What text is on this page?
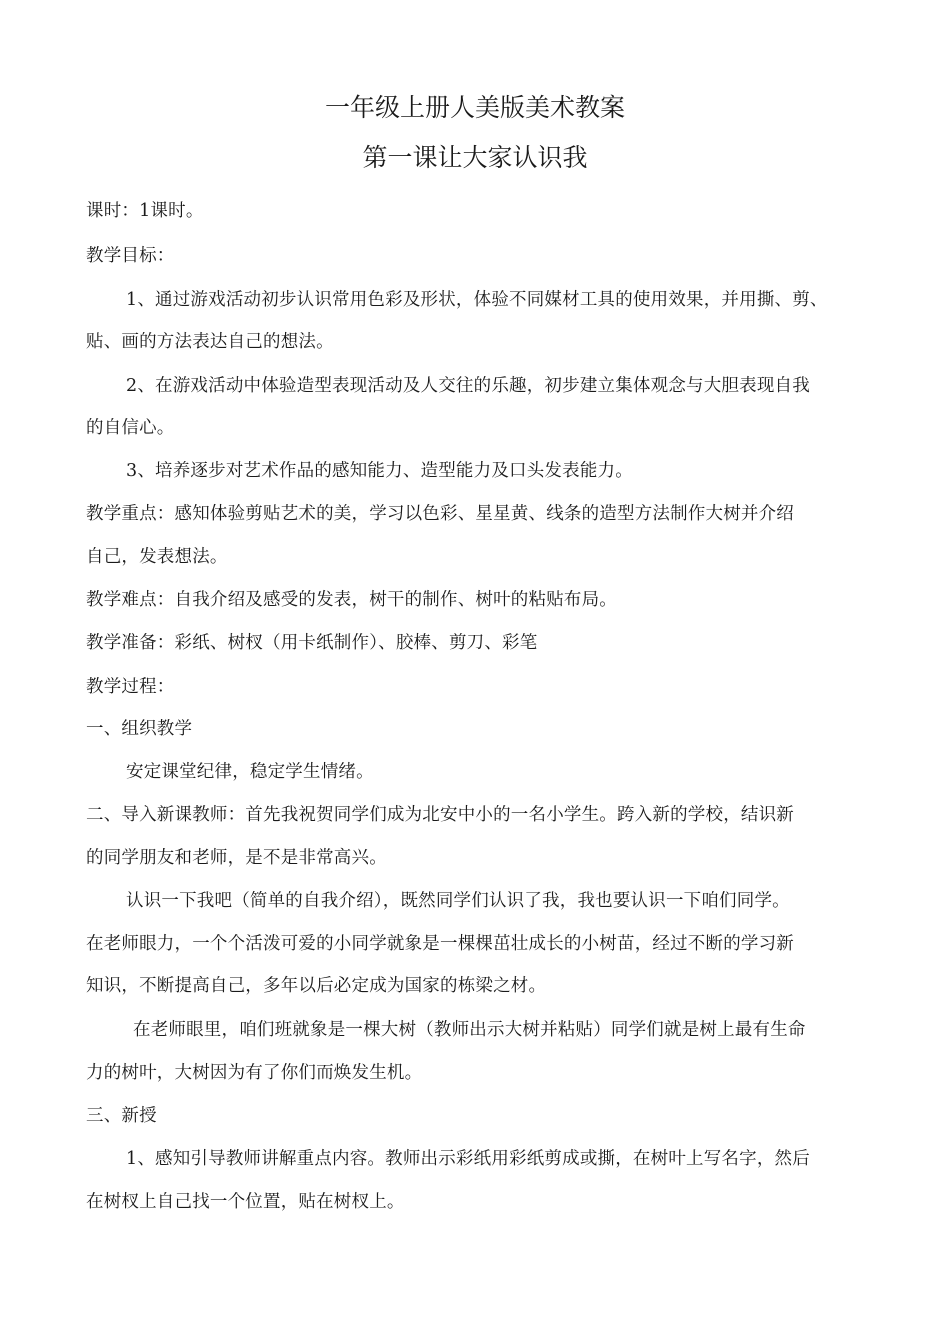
一年级上册人美版美术教案
第一课让大家认识我
课时：1课时。
教学目标：
1、通过游戏活动初步认识常用色彩及形状，体验不同媒材工具的使用效果，并用撕、剪、
贴、画的方法表达自己的想法。
2、在游戏活动中体验造型表现活动及人交往的乐趣，初步建立集体观念与大胆表现自我
的自信心。
3、培养逐步对艺术作品的感知能力、造型能力及口头发表能力。
教学重点：感知体验剪贴艺术的美，学习以色彩、星星黄、线条的造型方法制作大树并介绍
自己，发表想法。
教学难点：自我介绍及感受的发表，树干的制作、树叶的粘贴布局。
教学准备：彩纸、树杈（用卡纸制作）、胶棒、剪刀、彩笔
教学过程：
一、组织教学
安定课堂纪律，稳定学生情绪。
二、导入新课教师：首先我祝贺同学们成为北安中小的一名小学生。跨入新的学校，结识新
的同学朋友和老师，是不是非常高兴。
认识一下我吧（简单的自我介绍），既然同学们认识了我，我也要认识一下咱们同学。
在老师眼力，一个个活泼可爱的小同学就象是一棵棵茁壮成长的小树苗，经过不断的学习新
知识，不断提高自己，多年以后必定成为国家的栋梁之材。
在老师眼里，咱们班就象是一棵大树（教师出示大树并粘贴）同学们就是树上最有生命
力的树叶，大树因为有了你们而焕发生机。
三、新授
1、感知引导教师讲解重点内容。教师出示彩纸用彩纸剪成或撕，在树叶上写名字，然后
在树杈上自己找一个位置，贴在树杈上。
